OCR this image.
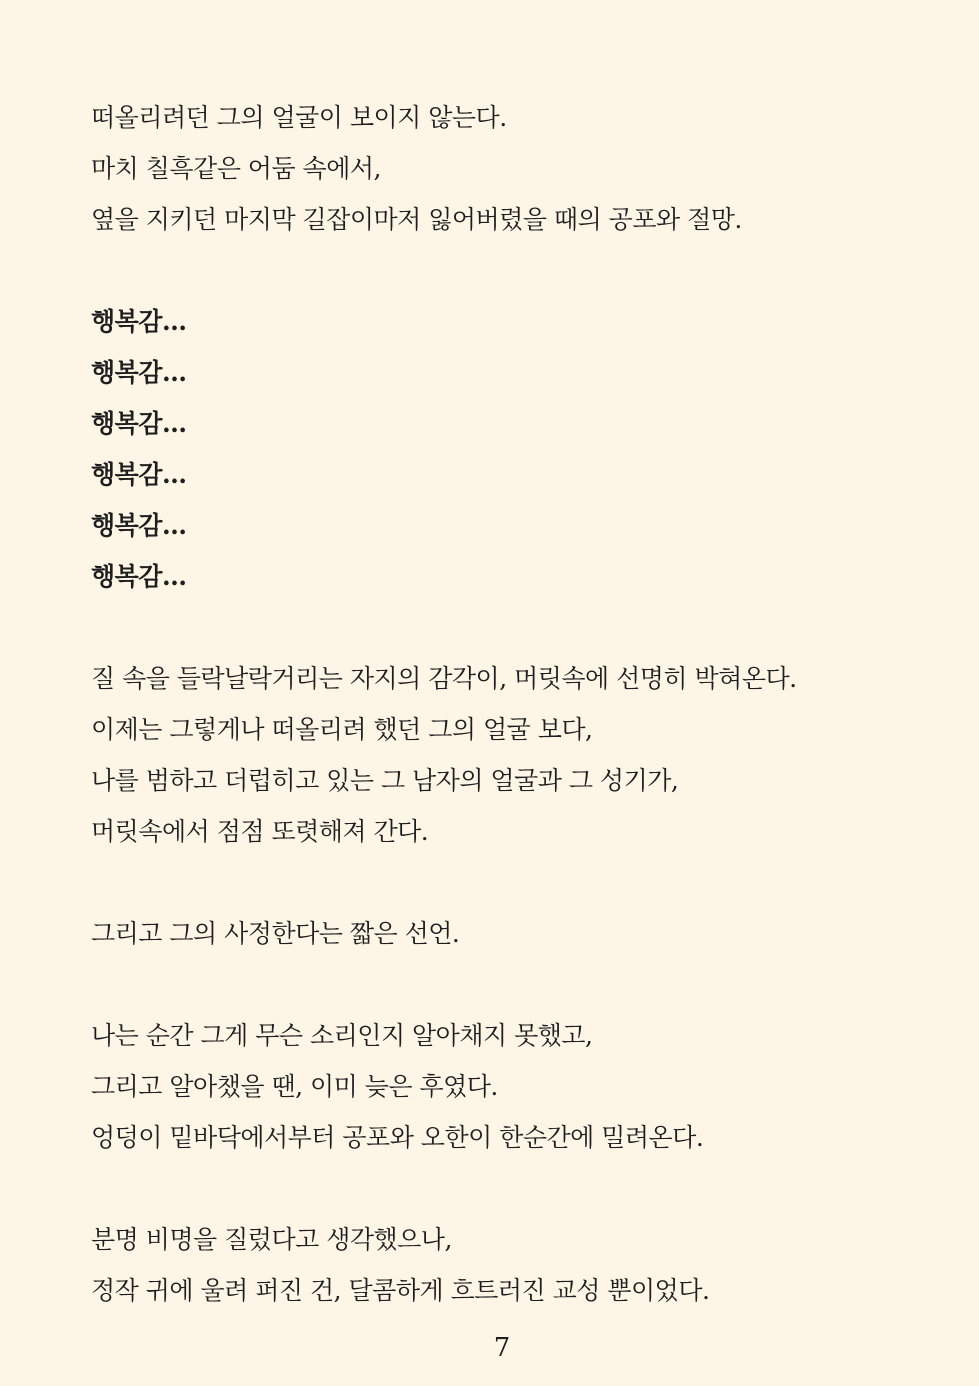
떠올리려던 그의 얼굴이 보이지 않는다.
마치 칠흑같은 어둠 속에서,
옆을 지키던 마지막 길잡이마저 잃어버렸을 때의 공포와 절망.
행복감…
행복감…
행복감…
행복감…
행복감…
행복감…
질 속을 들락날락거리는 자지의 감각이, 머릿속에 선명히 박혀온다.
이제는 그렇게나 떠올리려 했던 그의 얼굴 보다,
나를 범하고 더럽히고 있는 그 남자의 얼굴과 그 성기가,
머릿속에서 점점 또렷해져 간다.
그리고 그의 사정한다는 짧은 선언.
나는 순간 그게 무슨 소리인지 알아채지 못했고,
그리고 알아챘을 땐, 이미 늦은 후였다.
엉덩이 밑바닥에서부터 공포와 오한이 한순간에 밀려온다.
분명 비명을 질렀다고 생각했으나,
정작 귀에 울려 퍼진 건, 달콤하게 흐트러진 교성 뿐이었다.
7
